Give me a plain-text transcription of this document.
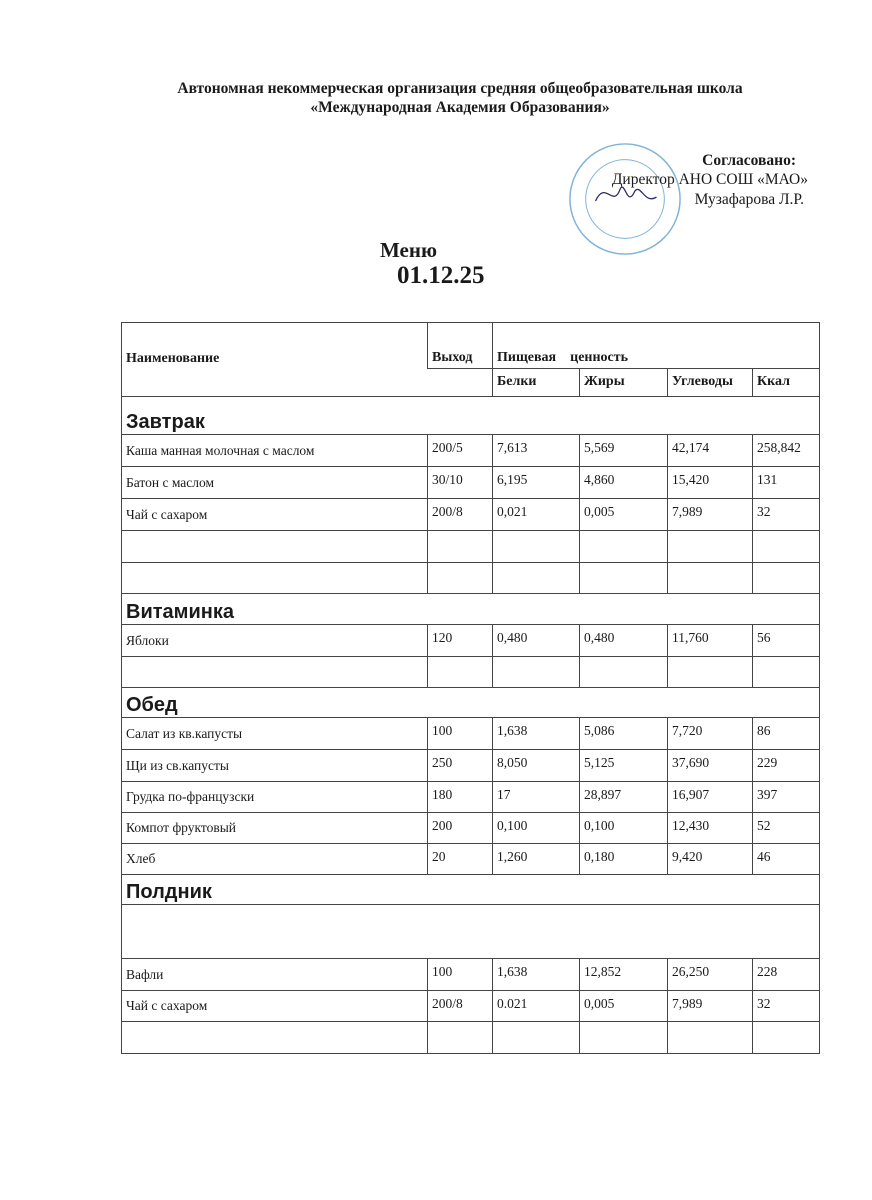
Автономная некоммерческая организация средняя общеобразовательная школа
«Международная Академия Образования»
Согласовано:
Директор АНО СОШ «МАО»
Музафарова Л.Р.
Меню
01.12.25
Наименование	Выход	Пищевая    ценность			
		Белки	Жиры	Углеводы	Ккал
Завтрак					
Каша манная молочная с маслом	200/5	7,613	5,569	42,174	258,842
Батон с маслом	30/10	6,195	4,860	15,420	131
Чай с сахаром	200/8	0,021	0,005	7,989	32

Витаминка					
Яблоки	120	0,480	0,480	11,760	56

Обед					
Салат из кв.капусты	100	1,638	5,086	7,720	86
Щи из св.капусты	250	8,050	5,125	37,690	229
Грудка по-французски	180	17	28,897	16,907	397
Компот фруктовый	200	0,100	0,100	12,430	52
Хлеб	20	1,260	0,180	9,420	46
Полдник					

Вафли	100	1,638	12,852	26,250	228
Чай с сахаром	200/8	0.021	0,005	7,989	32
